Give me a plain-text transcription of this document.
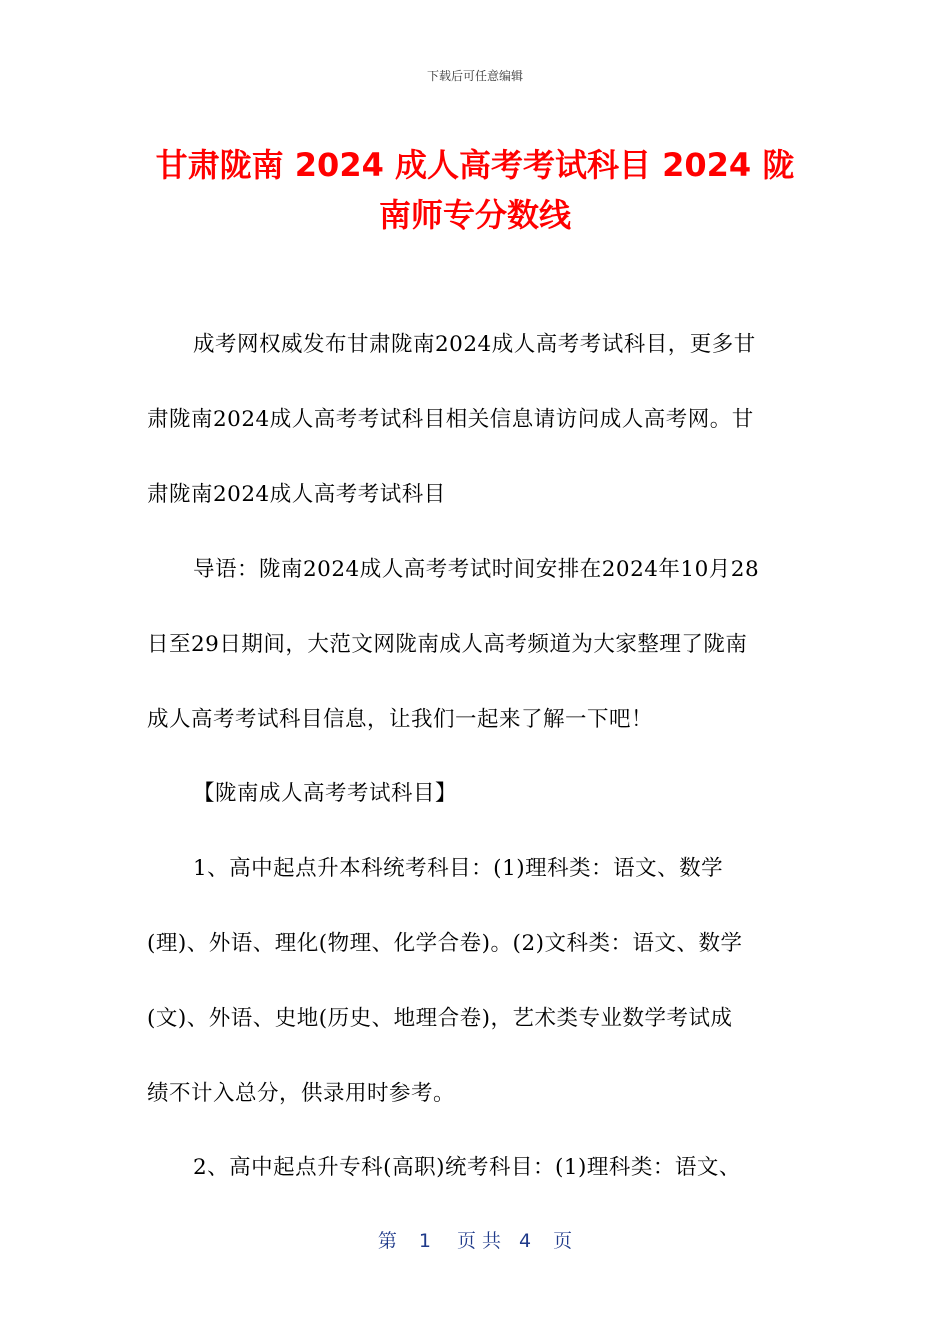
下载后可任意编辑
甘肃陇南 2024 成人高考考试科目 2024 陇
南师专分数线
成考网权威发布甘肃陇南2024成人高考考试科目，更多甘
肃陇南2024成人高考考试科目相关信息请访问成人高考网。甘
肃陇南2024成人高考考试科目
导语：陇南2024成人高考考试时间安排在2024年10月28
日至29日期间，大范文网陇南成人高考频道为大家整理了陇南
成人高考考试科目信息，让我们一起来了解一下吧！
【陇南成人高考考试科目】
1、高中起点升本科统考科目：(1)理科类：语文、数学
(理)、外语、理化(物理、化学合卷)。(2)文科类：语文、数学
(文)、外语、史地(历史、地理合卷)，艺术类专业数学考试成
绩不计入总分，供录用时参考。
2、高中起点升专科(高职)统考科目：(1)理科类：语文、
第 1 页 共 4 页
